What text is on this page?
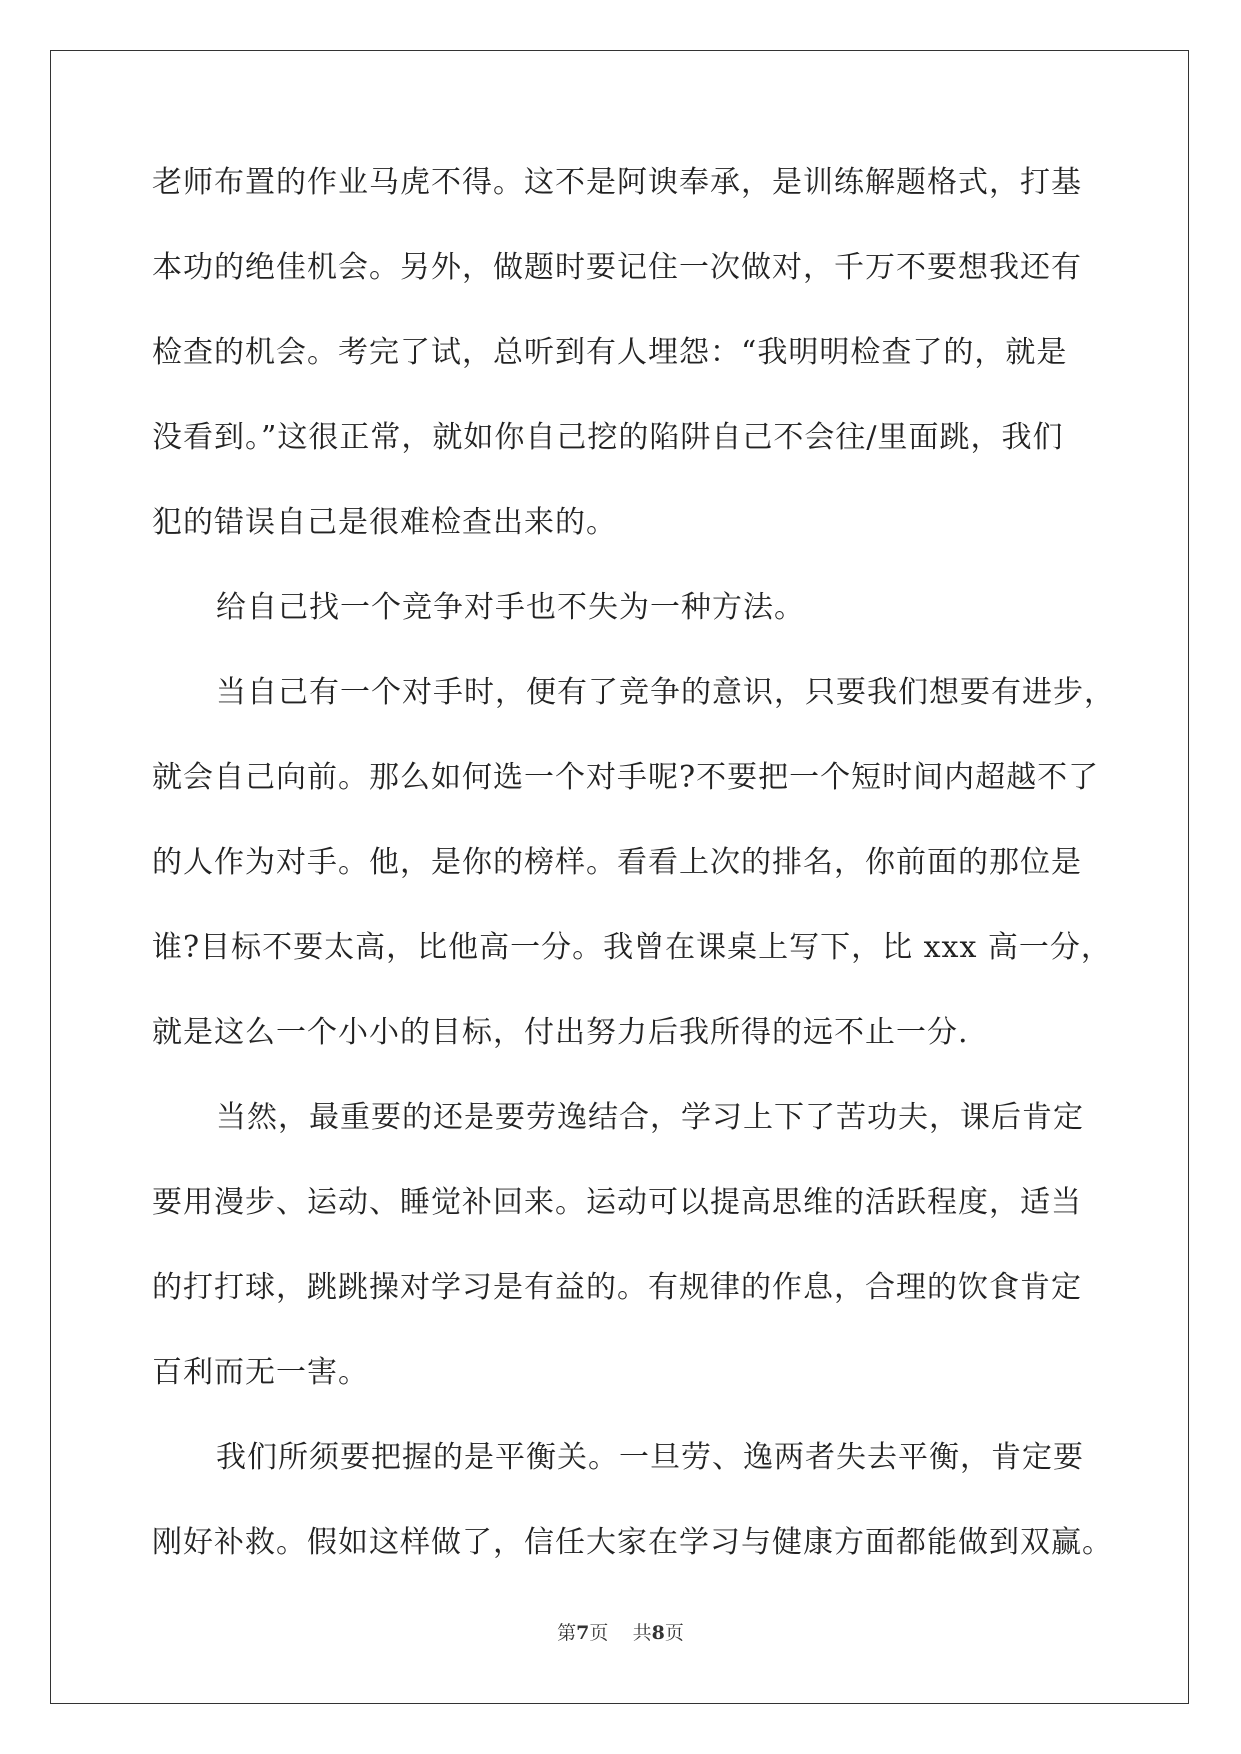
老师布置的作业马虎不得。这不是阿谀奉承，是训练解题格式，打基
本功的绝佳机会。另外，做题时要记住一次做对，千万不要想我还有
检查的机会。考完了试，总听到有人埋怨：“我明明检查了的，就是
没看到。”这很正常，就如你自己挖的陷阱自己不会往/里面跳，我们
犯的错误自己是很难检查出来的。
给自己找一个竞争对手也不失为一种方法。
当自己有一个对手时，便有了竞争的意识，只要我们想要有进步，
就会自己向前。那么如何选一个对手呢?不要把一个短时间内超越不了
的人作为对手。他，是你的榜样。看看上次的排名，你前面的那位是
谁?目标不要太高，比他高一分。我曾在课桌上写下，比 xxx 高一分，
就是这么一个小小的目标，付出努力后我所得的远不止一分.
当然，最重要的还是要劳逸结合，学习上下了苦功夫，课后肯定
要用漫步、运动、睡觉补回来。运动可以提高思维的活跃程度，适当
的打打球，跳跳操对学习是有益的。有规律的作息，合理的饮食肯定
百利而无一害。
我们所须要把握的是平衡关。一旦劳、逸两者失去平衡，肯定要
刚好补救。假如这样做了，信任大家在学习与健康方面都能做到双赢。
第7页 共8页
